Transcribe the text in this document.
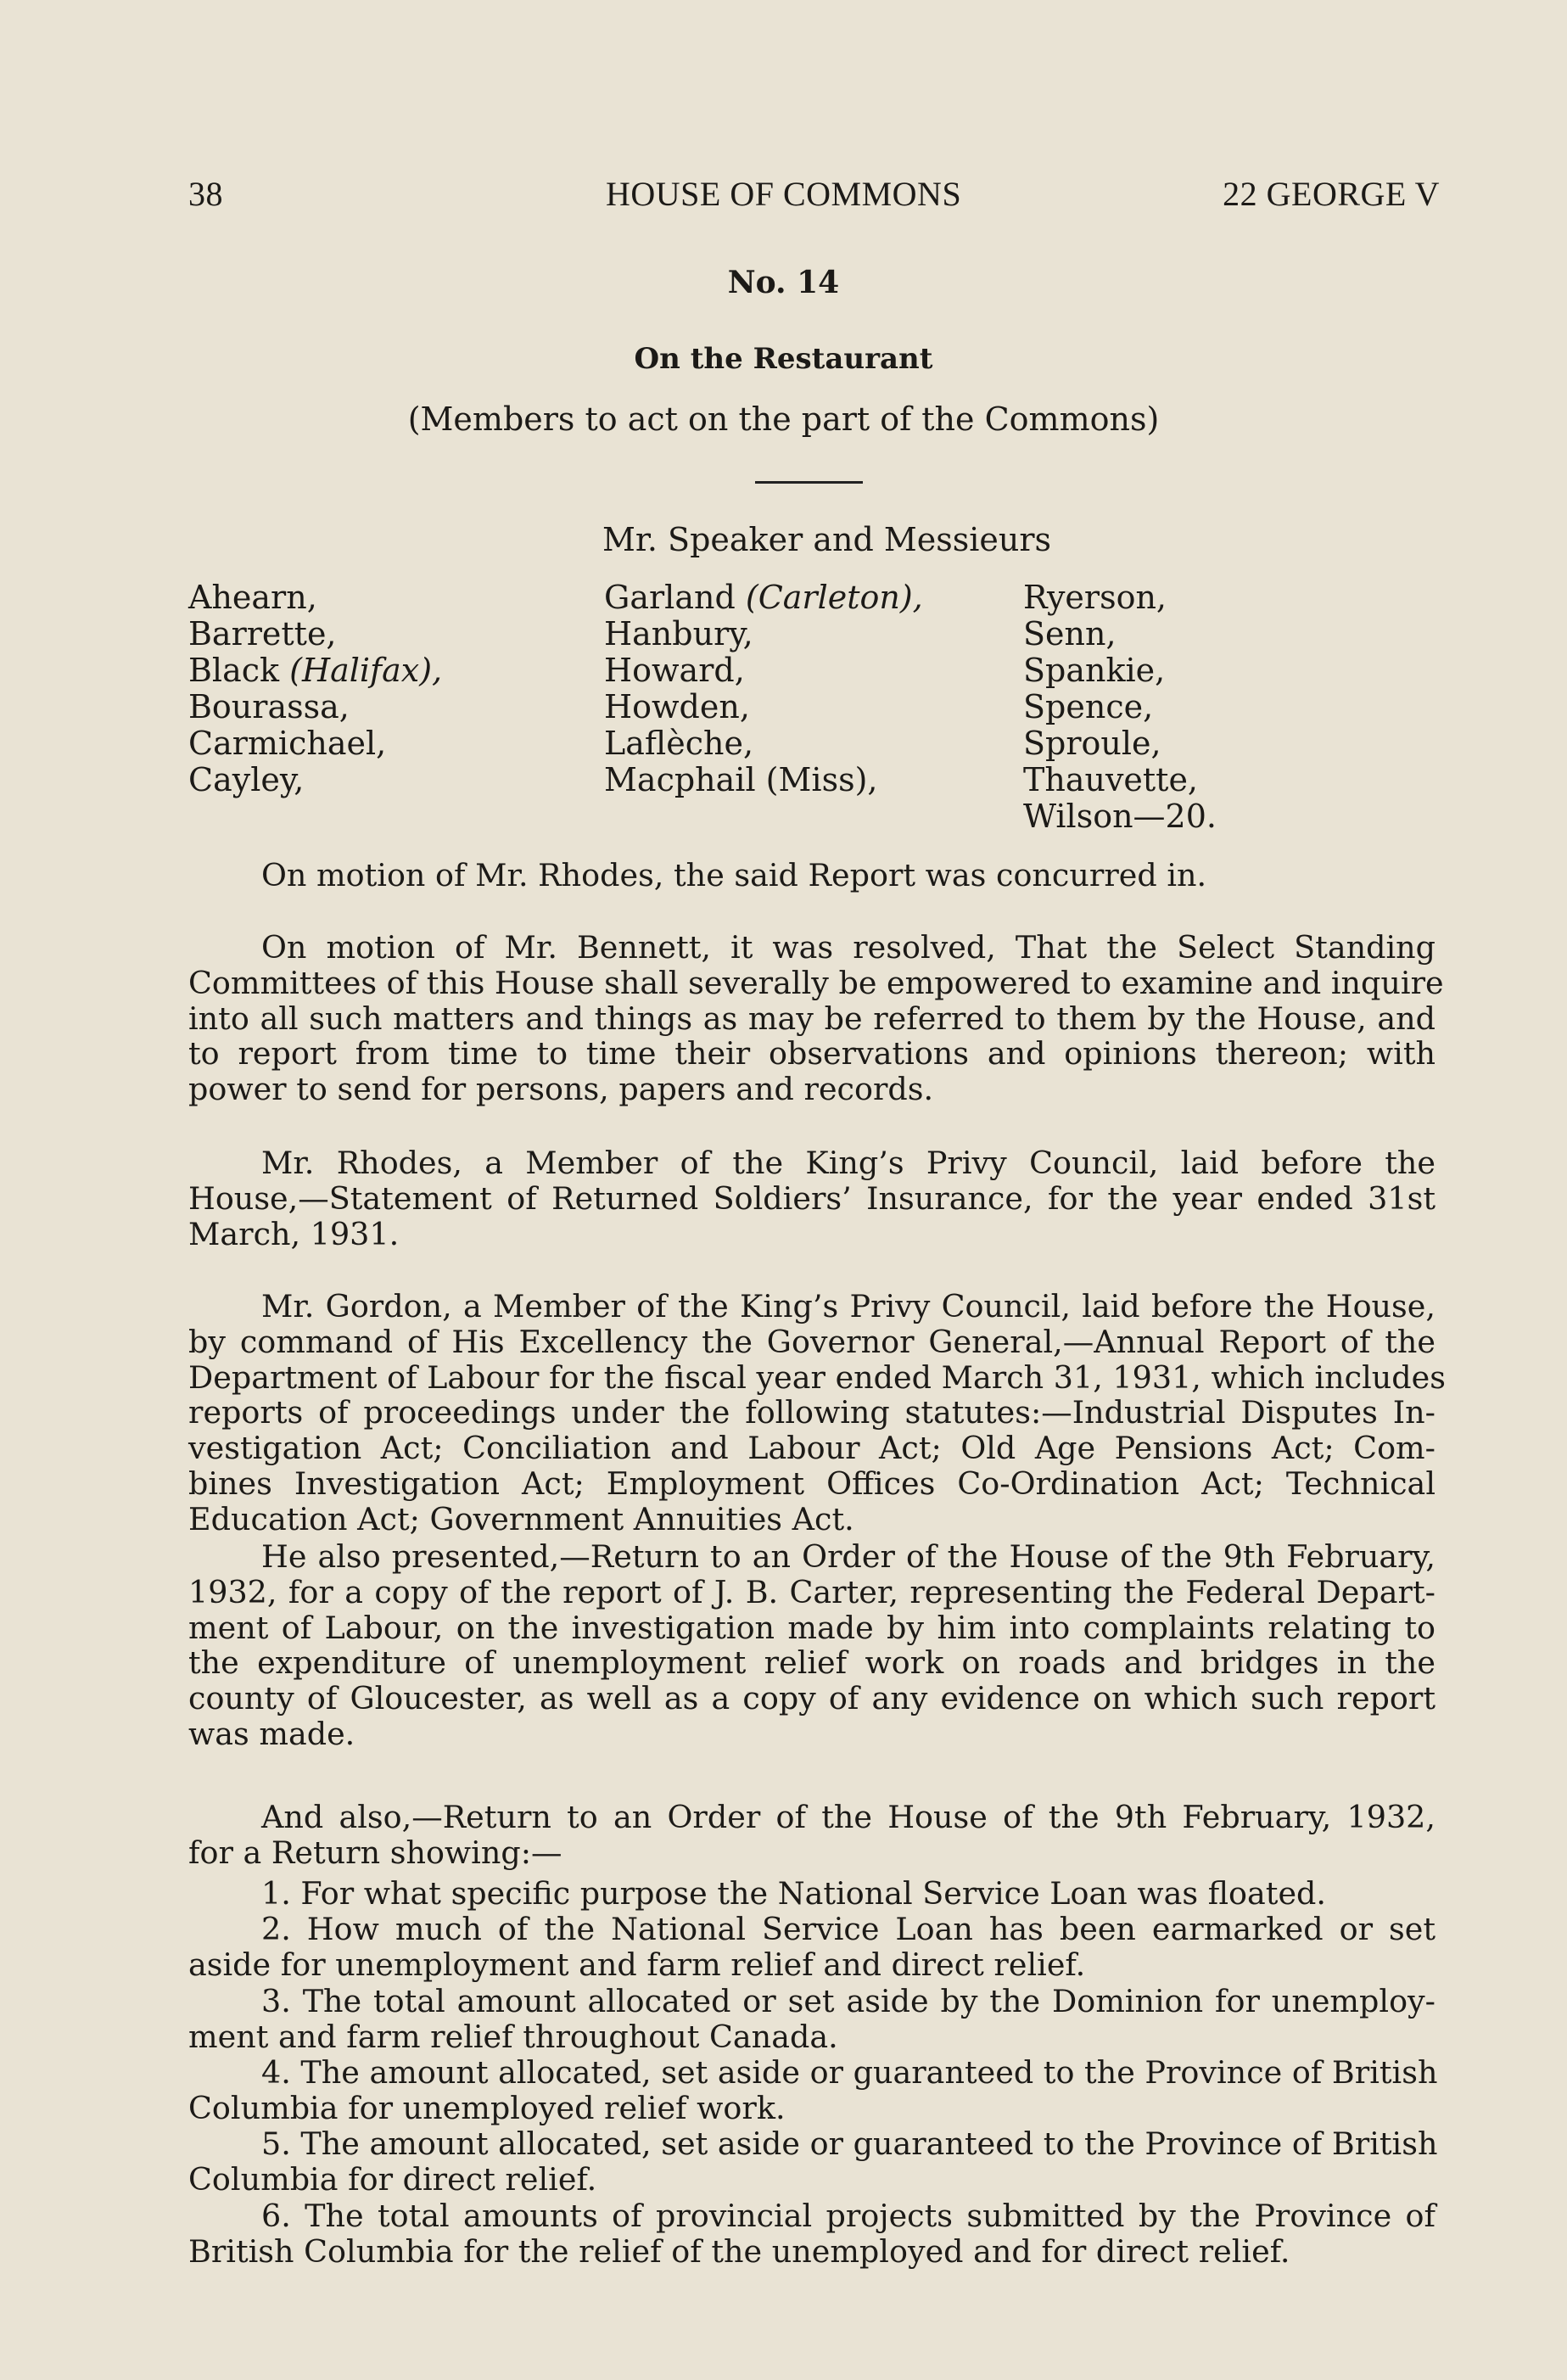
38	HOUSE OF COMMONS	22 GEORGE V
No. 14
On the Restaurant
(Members to act on the part of the Commons)
Mr. Speaker and Messieurs
Ahearn,
Barrette,
Black (Halifax),
Bourassa,
Carmichael,
Cayley,
Garland (Carleton),
Hanbury,
Howard,
Howden,
Laflèche,
Macphail (Miss),
Ryerson,
Senn,
Spankie,
Spence,
Sproule,
Thauvette,
Wilson—20.
On motion of Mr. Rhodes, the said Report was concurred in.
On motion of Mr. Bennett, it was resolved, That the Select Standing
Committees of this House shall severally be empowered to examine and inquire
into all such matters and things as may be referred to them by the House, and
to report from time to time their observations and opinions thereon; with
power to send for persons, papers and records.
Mr. Rhodes, a Member of the King’s Privy Council, laid before the
House,—Statement of Returned Soldiers’ Insurance, for the year ended 31st
March, 1931.
Mr. Gordon, a Member of the King’s Privy Council, laid before the House,
by command of His Excellency the Governor General,—Annual Report of the
Department of Labour for the fiscal year ended March 31, 1931, which includes
reports of proceedings under the following statutes:—Industrial Disputes In-
vestigation Act; Conciliation and Labour Act; Old Age Pensions Act; Com-
bines Investigation Act; Employment Offices Co-Ordination Act; Technical
Education Act; Government Annuities Act.
He also presented,—Return to an Order of the House of the 9th February,
1932, for a copy of the report of J. B. Carter, representing the Federal Depart-
ment of Labour, on the investigation made by him into complaints relating to
the expenditure of unemployment relief work on roads and bridges in the
county of Gloucester, as well as a copy of any evidence on which such report
was made.
And also,—Return to an Order of the House of the 9th February, 1932,
for a Return showing:—
1. For what specific purpose the National Service Loan was floated.
2. How much of the National Service Loan has been earmarked or set
aside for unemployment and farm relief and direct relief.
3. The total amount allocated or set aside by the Dominion for unemploy-
ment and farm relief throughout Canada.
4. The amount allocated, set aside or guaranteed to the Province of British
Columbia for unemployed relief work.
5. The amount allocated, set aside or guaranteed to the Province of British
Columbia for direct relief.
6. The total amounts of provincial projects submitted by the Province of
British Columbia for the relief of the unemployed and for direct relief.
